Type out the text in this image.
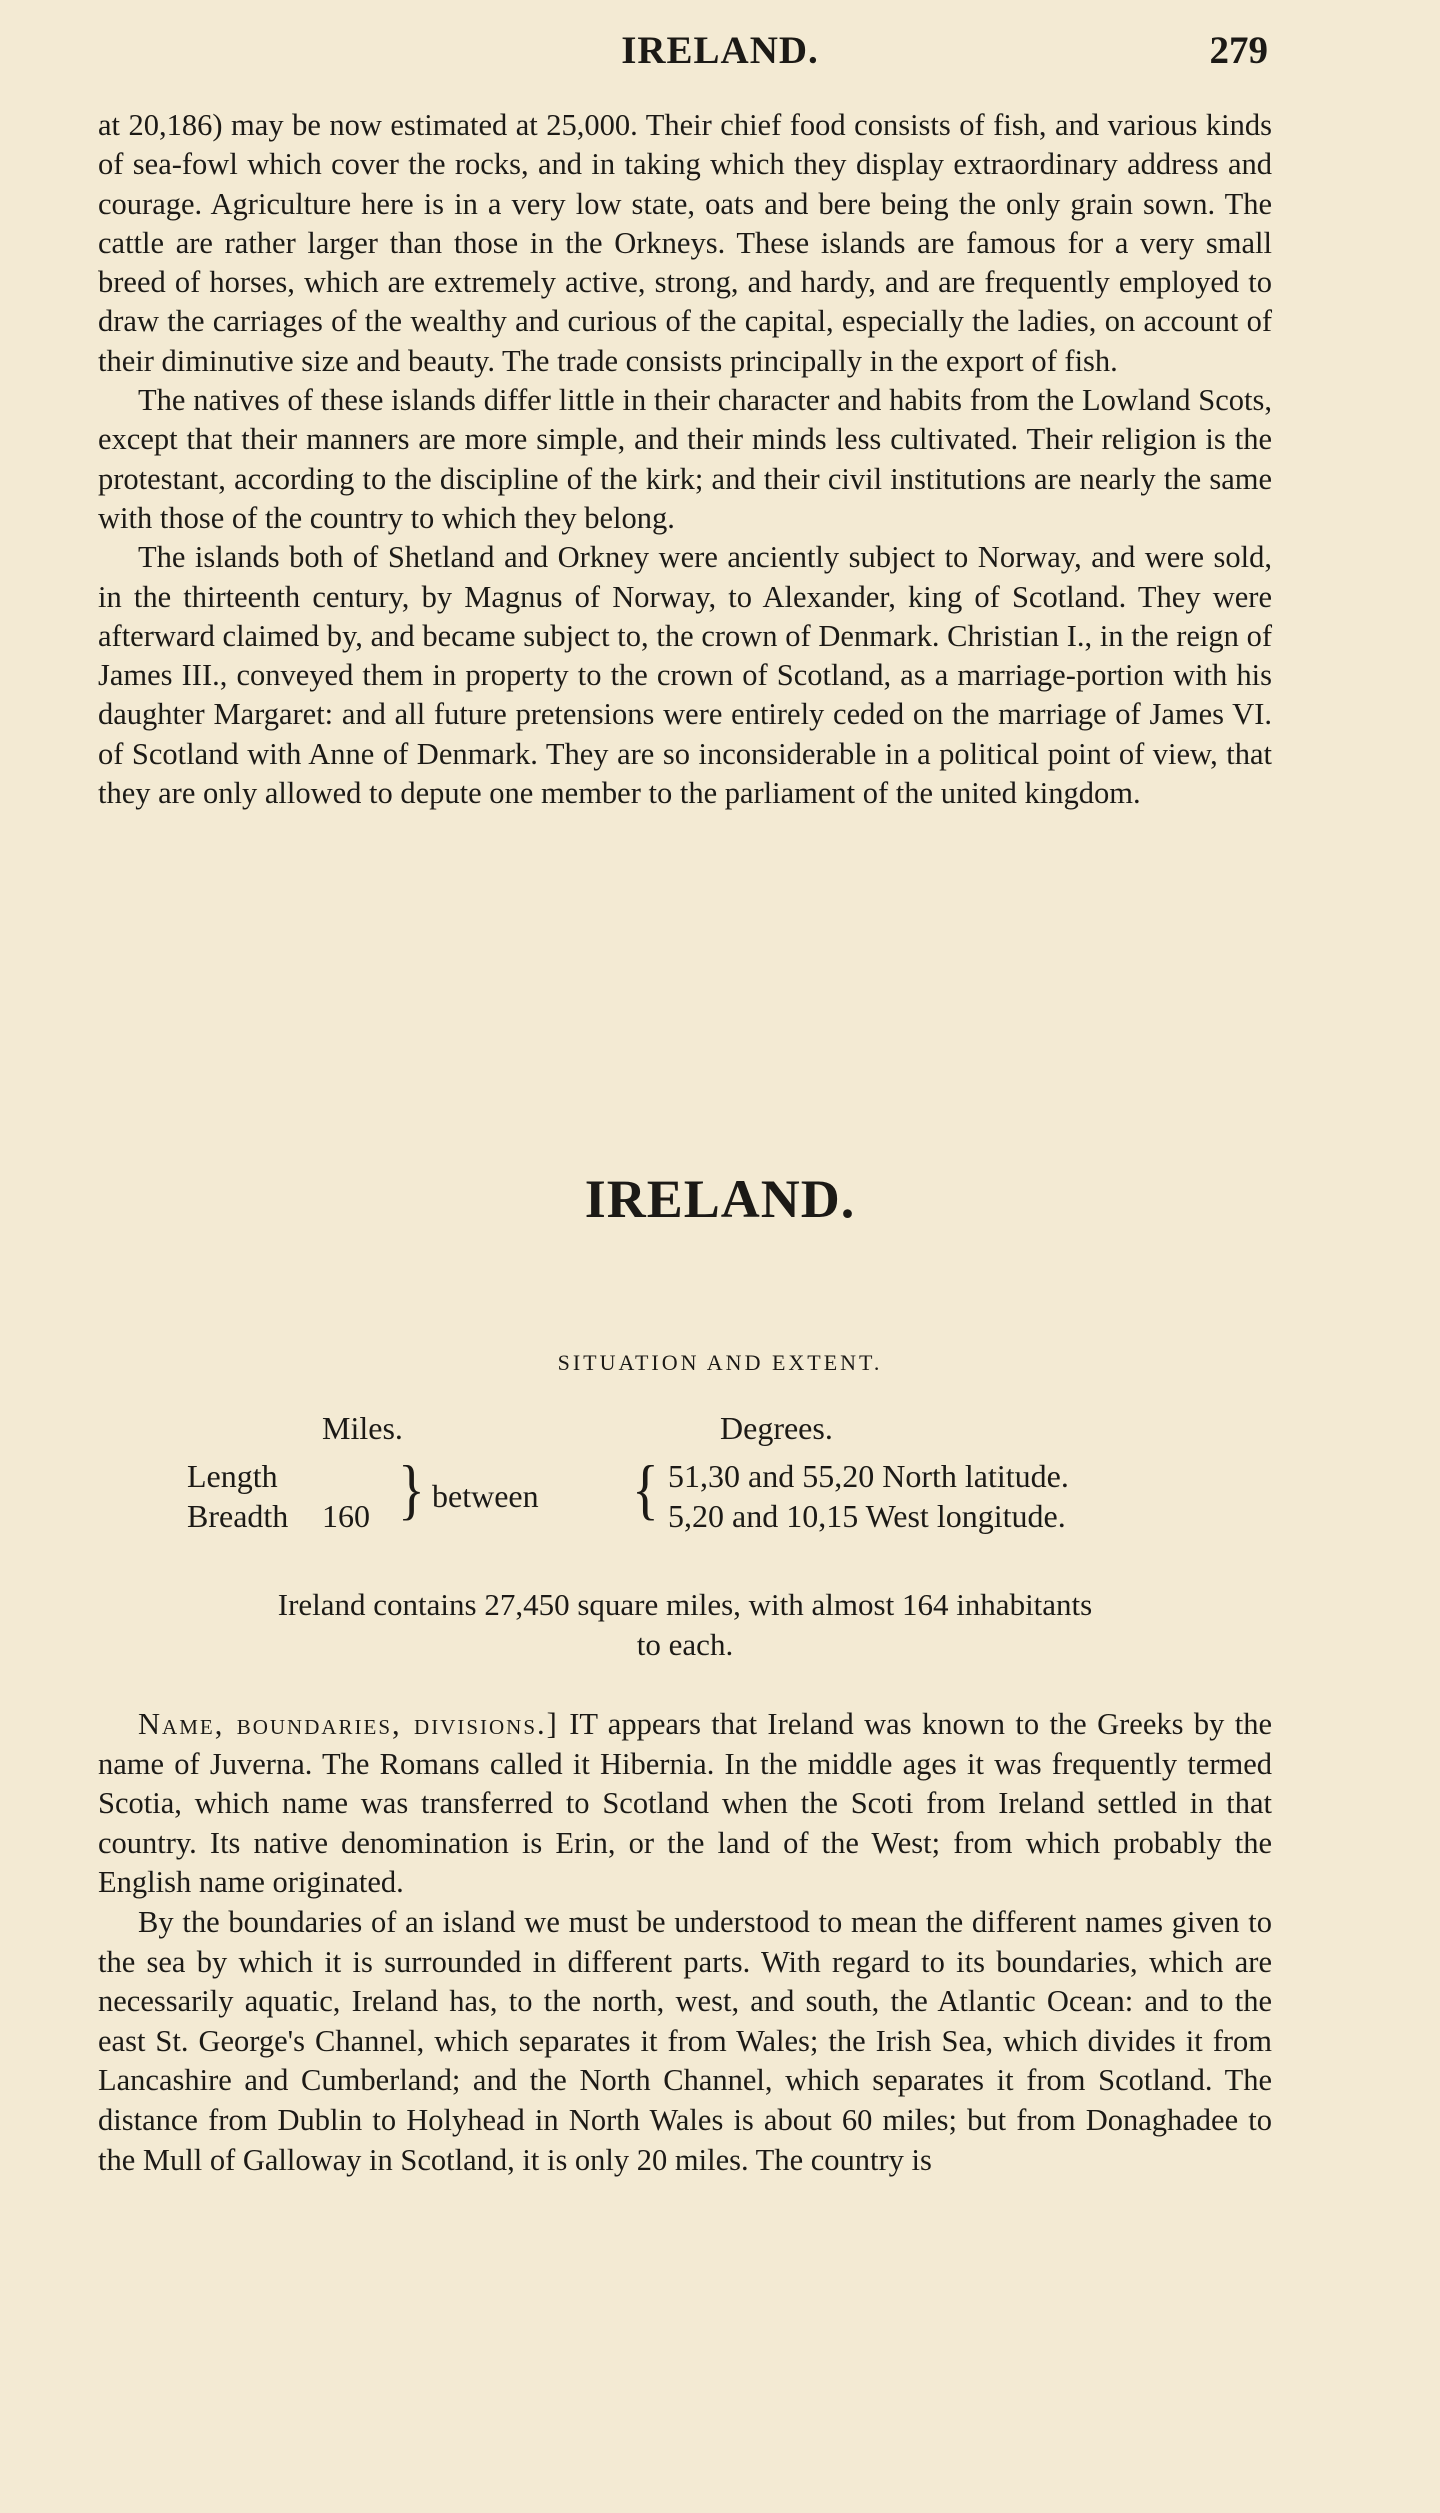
IRELAND.	279

at 20,186) may be now estimated at 25,000. Their chief food consists of fish, and various kinds of sea-fowl which cover the rocks, and in taking which they display extraordinary address and courage. Agriculture here is in a very low state, oats and bere being the only grain sown. The cattle are rather larger than those in the Orkneys. These islands are famous for a very small breed of horses, which are extremely active, strong, and hardy, and are frequently employed to draw the carriages of the wealthy and curious of the capital, especially the ladies, on account of their diminutive size and beauty. The trade consists principally in the export of fish.

The natives of these islands differ little in their character and habits from the Lowland Scots, except that their manners are more simple, and their minds less cultivated. Their religion is the protestant, according to the discipline of the kirk; and their civil institutions are nearly the same with those of the country to which they belong.

The islands both of Shetland and Orkney were anciently subject to Norway, and were sold, in the thirteenth century, by Magnus of Norway, to Alexander, king of Scotland. They were afterward claimed by, and became subject to, the crown of Denmark. Christian I., in the reign of James III., conveyed them in property to the crown of Scotland, as a marriage-portion with his daughter Margaret: and all future pretensions were entirely ceded on the marriage of James VI. of Scotland with Anne of Denmark. They are so inconsiderable in a political point of view, that they are only allowed to depute one member to the parliament of the united kingdom.

IRELAND.
SITUATION AND EXTENT.
Miles.	Degrees.
Length
Breadth 160 } between { 51,30 and 55,20 North latitude.
5,20 and 10,15 West longitude.
Ireland contains 27,450 square miles, with almost 164 inhabitants
to each.

Name, boundaries, divisions.] IT appears that Ireland was known to the Greeks by the name of Juverna. The Romans called it Hibernia. In the middle ages it was frequently termed Scotia, which name was transferred to Scotland when the Scoti from Ireland settled in that country. Its native denomination is Erin, or the land of the West; from which probably the English name originated.

By the boundaries of an island we must be understood to mean the different names given to the sea by which it is surrounded in different parts. With regard to its boundaries, which are necessarily aquatic, Ireland has, to the north, west, and south, the Atlantic Ocean: and to the east St. George's Channel, which separates it from Wales; the Irish Sea, which divides it from Lancashire and Cumberland; and the North Channel, which separates it from Scotland. The distance from Dublin to Holyhead in North Wales is about 60 miles; but from Donaghadee to the Mull of Galloway in Scotland, it is only 20 miles. The country is
